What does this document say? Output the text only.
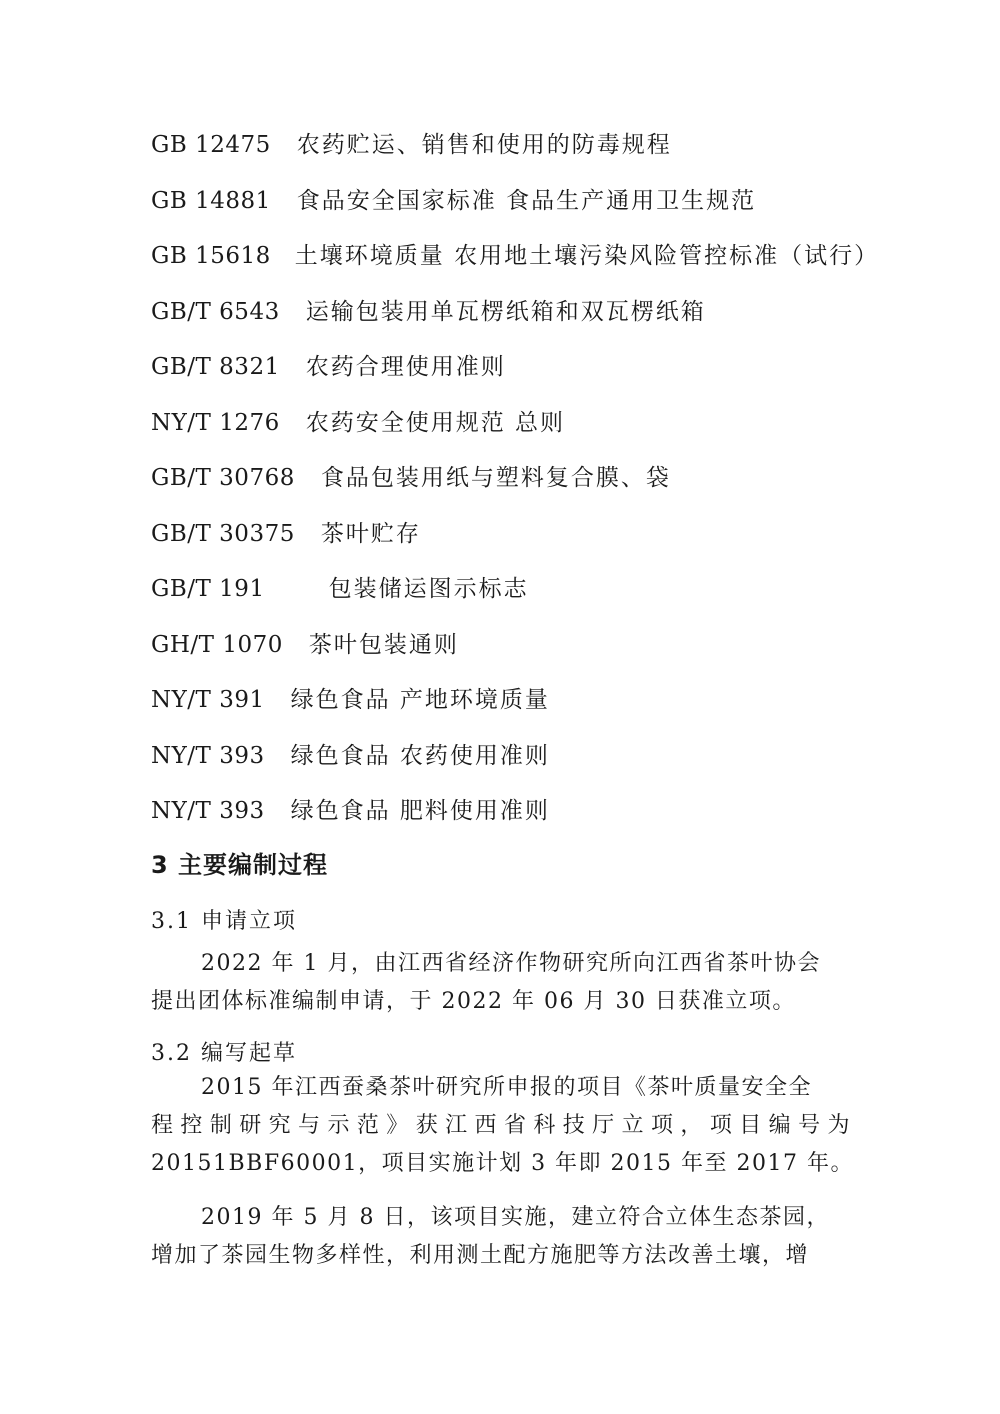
GB 12475 农药贮运、销售和使用的防毒规程
GB 14881 食品安全国家标准 食品生产通用卫生规范
GB 15618 土壤环境质量 农用地土壤污染风险管控标准（试行）
GB/T 6543 运输包装用单瓦楞纸箱和双瓦楞纸箱
GB/T 8321 农药合理使用准则
NY/T 1276 农药安全使用规范 总则
GB/T 30768 食品包装用纸与塑料复合膜、袋
GB/T 30375 茶叶贮存
GB/T 191	包装储运图示标志
GH/T 1070 茶叶包装通则
NY/T 391 绿色食品 产地环境质量
NY/T 393 绿色食品 农药使用准则
NY/T 393 绿色食品 肥料使用准则
3 主要编制过程
3.1 申请立项

2022 年 1 月，由江西省经济作物研究所向江西省茶叶协会
提出团体标准编制申请，于 2022 年 06 月 30 日获准立项。

3.2 编写起草

2015 年江西蚕桑茶叶研究所申报的项目《茶叶质量安全全
程控制研究与示范》获江西省科技厅立项，项目编号为
20151BBF60001，项目实施计划 3 年即 2015 年至 2017 年。

2019 年 5 月 8 日，该项目实施，建立符合立体生态茶园，
增加了茶园生物多样性，利用测土配方施肥等方法改善土壤，增
